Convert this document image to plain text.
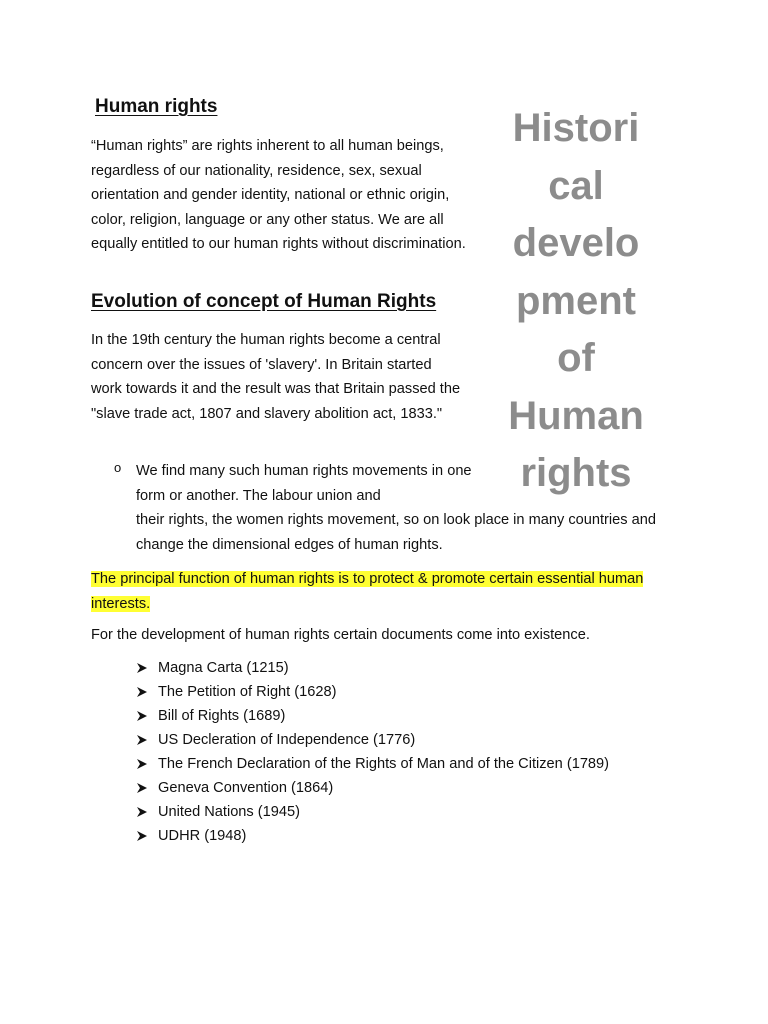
Human rights
“Human rights” are rights inherent to all human beings, regardless of our nationality, residence, sex, sexual orientation and gender identity, national or ethnic origin, color, religion, language or any other status. We are all equally entitled to our human rights without discrimination.
Evolution of concept of Human Rights
In the 19th century the human rights become a central concern over the issues of 'slavery'. In Britain started work towards it and the result was that Britain passed the "slave trade act, 1807 and slavery abolition act, 1833."
Histori
cal
develo
pment
of
Human
rights
o We find many such human rights movements in one form or another. The labour union and
their rights, the women rights movement, so on look place in many countries and change the dimensional edges of human rights.
The principal function of human rights is to protect & promote certain essential human interests.
For the development of human rights certain documents come into existence.
Magna Carta (1215)
The Petition of Right (1628)
Bill of Rights (1689)
US Decleration of Independence (1776)
The French Declaration of the Rights of Man and of the Citizen (1789)
Geneva Convention (1864)
United Nations (1945)
UDHR (1948)
